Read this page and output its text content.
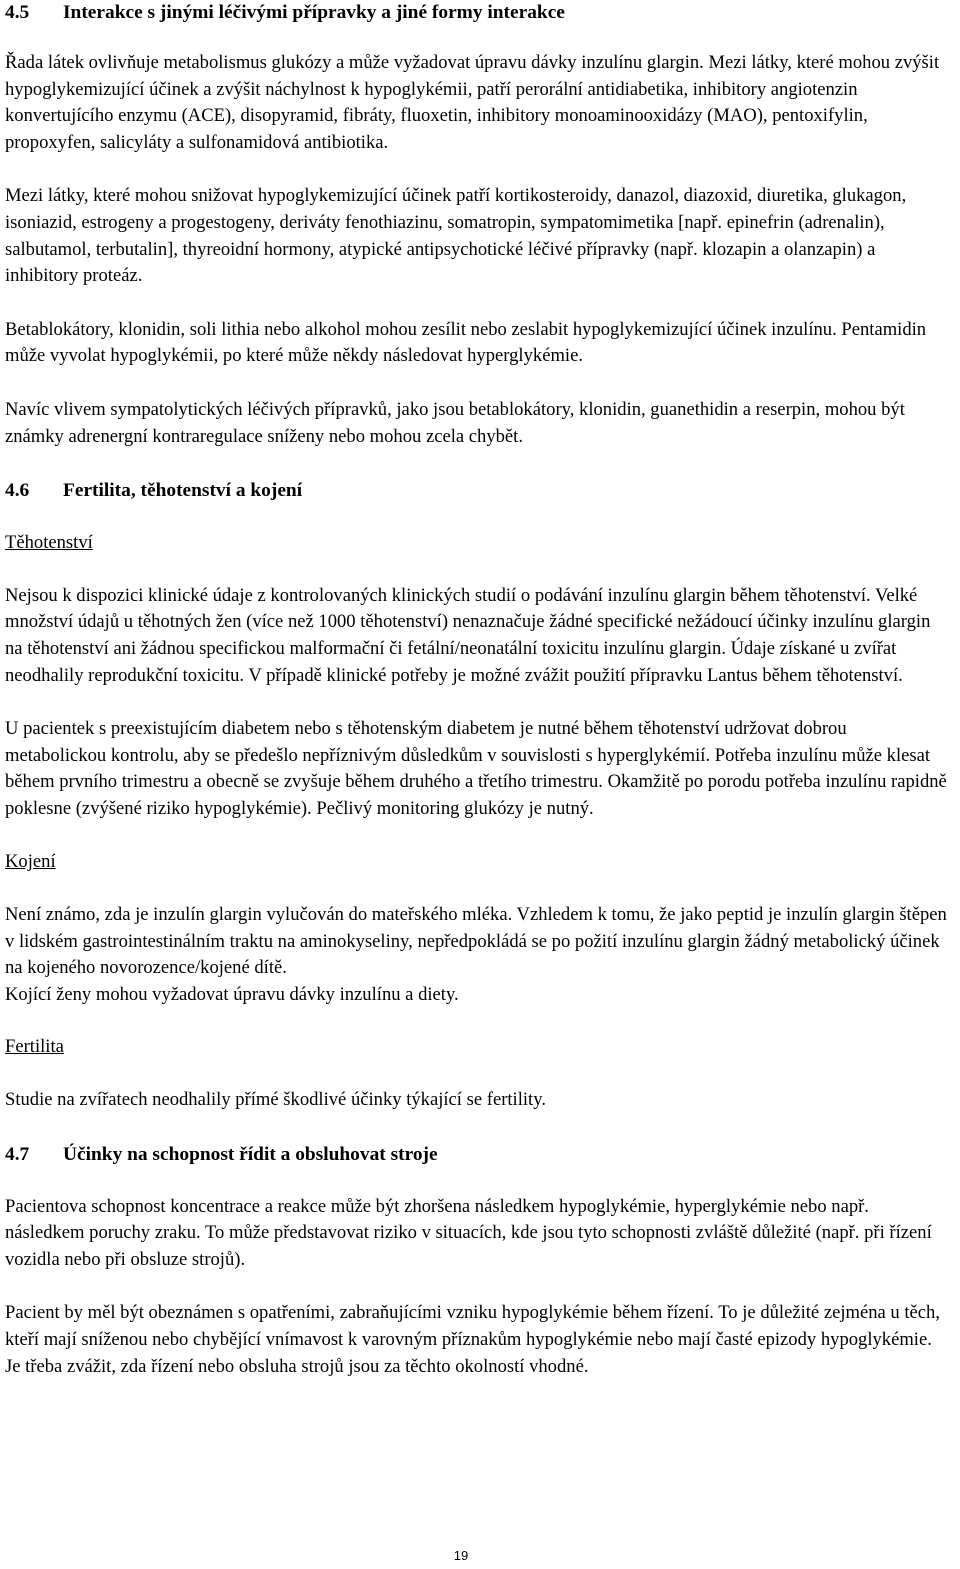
4.5 Interakce s jinými léčivými přípravky a jiné formy interakce

Řada látek ovlivňuje metabolismus glukózy a může vyžadovat úpravu dávky inzulínu glargin. Mezi látky, které mohou zvýšit hypoglykemizující účinek a zvýšit náchylnost k hypoglykémii, patří perorální antidiabetika, inhibitory angiotenzin konvertujícího enzymu (ACE), disopyramid, fibráty, fluoxetin, inhibitory monoaminooxidázy (MAO), pentoxifylin, propoxyfen, salicyláty a sulfonamidová antibiotika.

Mezi látky, které mohou snižovat hypoglykemizující účinek patří kortikosteroidy, danazol, diazoxid, diuretika, glukagon, isoniazid, estrogeny a progestogeny, deriváty fenothiazinu, somatropin, sympatomimetika [např. epinefrin (adrenalin), salbutamol, terbutalin], thyreoidní hormony, atypické antipsychotické léčivé přípravky (např. klozapin a olanzapin) a inhibitory proteáz.

Betablokátory, klonidin, soli lithia nebo alkohol mohou zesílit nebo zeslabit hypoglykemizující účinek inzulínu. Pentamidin může vyvolat hypoglykémii, po které může někdy následovat hyperglykémie.

Navíc vlivem sympatolytických léčivých přípravků, jako jsou betablokátory, klonidin, guanethidin a reserpin, mohou být známky adrenergní kontraregulace sníženy nebo mohou zcela chybět.

4.6 Fertilita, těhotenství a kojení
Těhotenství

Nejsou k dispozici klinické údaje z kontrolovaných klinických studií o podávání inzulínu glargin během těhotenství. Velké množství údajů u těhotných žen (více než 1000 těhotenství) nenaznačuje žádné specifické nežádoucí účinky inzulínu glargin na těhotenství ani žádnou specifickou malformační či fetální/neonatální toxicitu inzulínu glargin. Údaje získané u zvířat neodhalily reprodukční toxicitu. V případě klinické potřeby je možné zvážit použití přípravku Lantus během těhotenství.

U pacientek s preexistujícím diabetem nebo s těhotenským diabetem je nutné během těhotenství udržovat dobrou metabolickou kontrolu, aby se předešlo nepříznivým důsledkům v souvislosti s hyperglykémií. Potřeba inzulínu může klesat během prvního trimestru a obecně se zvyšuje během druhého a třetího trimestru. Okamžitě po porodu potřeba inzulínu rapidně poklesne (zvýšené riziko hypoglykémie). Pečlivý monitoring glukózy je nutný.

Kojení

Není známo, zda je inzulín glargin vylučován do mateřského mléka. Vzhledem k tomu, že jako peptid je inzulín glargin štěpen v lidském gastrointestinálním traktu na aminokyseliny, nepředpokládá se po požití inzulínu glargin žádný metabolický účinek na kojeného novorozence/kojené dítě.

Kojící ženy mohou vyžadovat úpravu dávky inzulínu a diety.

Fertilita

Studie na zvířatech neodhalily přímé škodlivé účinky týkající se fertility.

4.7 Účinky na schopnost řídit a obsluhovat stroje

Pacientova schopnost koncentrace a reakce může být zhoršena následkem hypoglykémie, hyperglykémie nebo např. následkem poruchy zraku. To může představovat riziko v situacích, kde jsou tyto schopnosti zvláště důležité (např. při řízení vozidla nebo při obsluze strojů).

Pacient by měl být obeznámen s opatřeními, zabraňujícími vzniku hypoglykémie během řízení. To je důležité zejména u těch, kteří mají sníženou nebo chybějící vnímavost k varovným příznakům hypoglykémie nebo mají časté epizody hypoglykémie. Je třeba zvážit, zda řízení nebo obsluha strojů jsou za těchto okolností vhodné.

19
